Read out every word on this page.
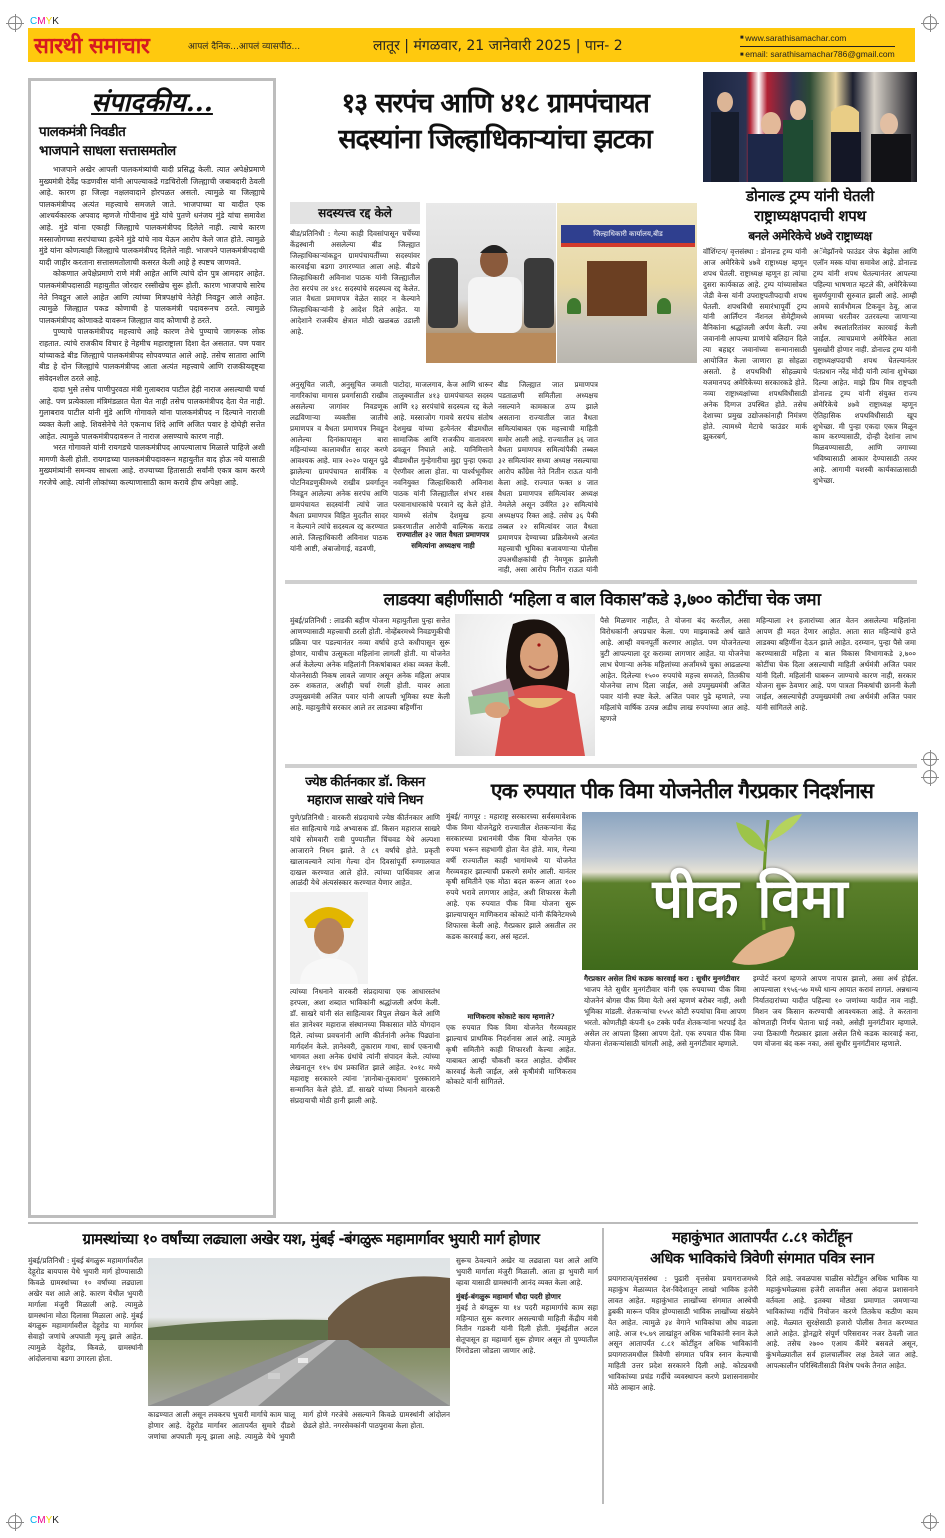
CMYK
CMYK
सारथी समाचार	आपलं दैनिक...आपलं व्यासपीठ...	लातूर | मंगळवार, 21 जानेवारी 2025 | पान- 2	■ www.sarathisamachar.com
■ email: sarathisamachar786@gmail.com
संपादकीय...
पालकमंत्री निवडीत
भाजपाने साधला सत्तासमतोल

भाजपाने अखेर आपली पालकमंत्र्यांची यादी प्रसिद्ध केली. त्यात अपेक्षेप्रमाणे मुख्यमंत्री देवेंद्र फडणवीस यांनी आपल्याकडे गडचिरोली जिल्ह्याची जबाबदारी ठेवली आहे. कारण हा जिल्हा नक्षलवादाने होरपळत असतो. त्यामुळे या जिल्ह्याचे पालकमंत्रीपद अत्यंत महत्त्वाचे समजले जाते. भाजपाच्या या यादीत एक आश्चर्यकारक अपवाद म्हणजे गोपीनाथ मुंडे यांचे पुतणे धनंजय मुंडे यांचा समावेश आहे. मुंडे यांना एकाही जिल्ह्याचे पालकमंत्रीपद दिलेले नाही. त्याचे कारण मस्साजोगच्या सरपंचाच्या हत्येने मुंडे यांचे नाव येऊन आरोप केले जात होते. त्यामुळे मुंडे यांना कोणत्याही जिल्ह्याचे पालकमंत्रीपद दिलेले नाही. भाजपने पालकमंत्रीपदाची यादी जाहीर करताना सत्तासमतोलाची कसरत केली आहे हे स्पष्टच जाणवते.

कोकणात अपेक्षेप्रमाणे राणे मंत्री आहेत आणि त्यांचे दोन पुत्र आमदार आहेत. पालकमंत्रीपदासाठी महायुतीत जोरदार रस्सीखेच सुरू होती. कारण भाजपाचे सारेच नेते निवडून आले आहेत आणि त्यांच्या मित्रपक्षांचे नेतेही निवडून आले आहेत. त्यामुळे जिल्ह्यात पकड कोणाची हे पालकमंत्री पदावरूनच ठरते. त्यामुळे पालकमंत्रीपद कोणाकडे यावरून जिल्ह्यात वाद कोणाची हे ठरते.

पुण्याचे पालकमंत्रीपद महत्त्वाचे आहे कारण तेथे पुण्याचे जागरूक लोक राहतात. त्यांचे राजकीय विचार हे नेहमीच महाराष्ट्राला दिशा देत असतात. पण पवार यांच्याकडे बीड जिल्ह्याचे पालकमंत्रीपद सोपवण्यात आले आहे. तसेच सातारा आणि बीड हे दोन जिल्ह्यांचे पालकमंत्रीपद आता अत्यंत महत्त्वाचे आणि राजकीयदृष्ट्या संवेदनशील ठरले आहे.

दादा भुसे तसेच पाणीपुरवठा मंत्री गुलाबराव पाटील हेही नाराज असल्याची चर्चा आहे. पण प्रत्येकाला मंत्रिमंडळात घेता येत नाही तसेच पालकमंत्रीपद देता येत नाही. गुलाबराव पाटील यांनी मुंडे आणि गोगावले यांना पालकमंत्रीपद न दिल्याने नाराजी व्यक्त केली आहे. शिवसेनेचे नेते एकनाथ शिंदे आणि अजित पवार हे दोघेही सत्तेत आहेत. त्यामुळे पालकमंत्रीपदावरून ते नाराज असण्याचे कारण नाही.

भरत गोगावले यांनी रायगडचे पालकमंत्रीपद आपल्यालाच मिळाले पाहिजे अशी मागणी केली होती. रायगडच्या पालकमंत्रीपदावरून महायुतीत वाद होऊ नये यासाठी मुख्यमंत्र्यांनी समन्वय साधला आहे. राज्याच्या हितासाठी सर्वांनी एकत्र काम करणे गरजेचे आहे. त्यांनी लोकांच्या कल्याणासाठी काम करावे हीच अपेक्षा आहे.

१३ सरपंच आणि ४१८ ग्रामपंचायत
सदस्यांना जिल्हाधिकाऱ्यांचा झटका
डोनाल्ड ट्रम्प यांनी घेतली
राष्ट्राध्यक्षपदाची शपथ
बनले अमेरिकेचे ४७वे राष्ट्राध्यक्ष
वॉशिंग्टन/ वृत्तसंस्था : डोनाल्ड ट्रम्प यांनी आज अमेरिकेचे ४७वे राष्ट्राध्यक्ष म्हणून शपथ घेतली. राष्ट्राध्यक्ष म्हणून हा त्यांचा दुसरा कार्यकाळ आहे. ट्रम्प यांच्यासोबत जेडी वेन्स यांनी उपराष्ट्रपतीपदाची शपथ घेतली. शपथविधी समारंभापूर्वी ट्रम्प यांनी आर्लिंग्टन नॅशनल सेमेट्रीमध्ये वैनिकांना श्रद्धांजली अर्पण केली. ज्या जवानांनी आपल्या प्राणांचे बलिदान दिले त्या बहाद्दर जवानांच्या सन्मानासाठी आयोजित केला जाणारा हा सोहळा असतो. हे शपथविधी सोहळ्याचे यजमानपद अमेरिकेच्या सरकारकडे होते. नव्या राष्ट्राध्यक्षांच्या शपथविधीसाठी अनेक दिग्गज उपस्थित होते. तसेच देशाच्या प्रमुख उद्योजकांनाही निमंत्रण होते. त्यामध्ये मेटाचे फाउंडर मार्क झुकरबर्ग,
अॅमेझॉनचे फाउंडर जेफ बेझोस आणि एलॉन मस्क यांचा समावेश आहे. डोनाल्ड ट्रम्प यांनी शपथ घेतल्यानंतर आपल्या पहिल्या भाषणात म्हटले की, अमेरिकेच्या सुवर्णयुगाची सुरुवात झाली आहे. आम्ही आमचे सार्वभौमत्व टिकवून ठेवू. आज आमच्या धरतीवर उतरवल्या जाणाऱ्या अवैध स्थलांतरितांवर कारवाई केली जाईल. त्याचप्रमाणे अमेरिकेत आता घुसखोरी होणार नाही. डोनाल्ड ट्रम्प यांनी राष्ट्राध्यक्षपदाची शपथ घेतल्यानंतर पंतप्रधान नरेंद्र मोदी यांनी त्यांना शुभेच्छा दिल्या आहेत. माझे प्रिय मित्र राष्ट्रपती डोनाल्ड ट्रम्प यांनी संयुक्त राज्य अमेरिकेचे ४७वे राष्ट्राध्यक्ष म्हणून ऐतिहासिक शपथविधीसाठी खूप शुभेच्छा. मी पुन्हा एकदा एकत्र मिळून काम करण्यासाठी, दोन्ही देशांना लाभ मिळवण्यासाठी, आणि जगाच्या भविष्यासाठी आकार देण्यासाठी तत्पर आहे. आगामी यशस्वी कार्यकाळासाठी शुभेच्छा.
सदस्यत्त्व रद्द केले
बीड/प्रतिनिधी : गेल्या काही दिवसांपासून चर्चेच्या केंद्रस्थानी असलेल्या बीड जिल्ह्यात जिल्हाधिकाऱ्यांकडून ग्रामपंचायतींच्या सदस्यांवर कारवाईचा बडगा उगारण्यात आला आहे. बीडचे जिल्हाधिकारी अविनाश पाठक यांनी जिल्ह्यातील तेरा सरपंच तर ४१८ सदस्यांचे सदस्यत्व रद्द केलेत. जात वैधता प्रमाणपत्र वेळेत सादर न केल्याने जिल्हाधिकाऱ्यांनी हे आदेश दिले आहेत. या आदेशाने राजकीय क्षेत्रात मोठी खळबळ उडाली आहे.
जिल्हाधिकारी कार्यालय,बीड
अनुसूचित जाती, अनुसूचित जमाती नागरिकांचा मागास प्रवर्गासाठी राखीव असलेल्या जागांवर निवडणूक लढविणाऱ्या व्यक्तीस जातीचे प्रमाणपत्र व वैधता प्रमाणपत्र निवडून आलेल्या दिनांकापासून बारा महिन्यांच्या कालावधीत सादर करणे आवश्यक आहे. मात्र २०२० पासून पुढे झालेल्या ग्रामपंचायत सार्वत्रिक व पोटनिवडणुकीमध्ये राखीव प्रवर्गातून निवडून आलेल्या अनेक सरपंच आणि ग्रामपंचायत सदस्यांनी त्यांचे जात वैधता प्रमाणपत्र विहित मुदतीत सादर न केल्याने त्यांचे सदस्यत्व रद्द करण्यात आले. जिल्हाधिकारी अविनाश पाठक यांनी आष्टी, अंबाजोगाई, वडवणी,
पाटोदा, माजलगाव, केज आणि धारूर तालुक्यातील ४१३ ग्रामपंचायत सदस्य आणि १३ सरपंचांचे सदस्यत्व रद्द केले आहे. मस्साजोग गावचे सरपंच संतोष देशमुख यांच्या हत्येनंतर बीडमधील सामाजिक आणि राजकीय वातावरण ढवळून निघाले आहे. यानिमित्ताने बीडमधील गुन्हेगारीचा मुद्दा पुन्हा एकदा ऐरणीवर आला होता. या पार्श्वभूमीवर नवनियुक्त जिल्हाधिकारी अविनाश पाठक यांनी जिल्ह्यातील शंभर शस्त्र परवानाधारकांचे परवाने रद्द केले होते. यामध्ये संतोष देशमुख हत्या प्रकरणातील आरोपी वाल्मिक कराड
राज्यातील ३२ जात वैधता प्रमाणपत्र समित्यांना अध्यक्षच नाही
बीड जिल्ह्यात जात प्रमाणपत्र पडताळणी समितीला अध्यक्षच नसल्याने कामकाज ठप्प झाले असताना राज्यातील जात वैधता समित्यांबाबत एक महत्त्वाची माहिती समोर आली आहे. राज्यातील ३६ जात वैधता प्रमाणपत्र समित्यांपैकी तब्बल ३२ समित्यांवर सध्या अध्यक्ष नसल्याचा आरोप काँग्रेस नेते नितीन राऊत यांनी केला आहे. राज्यात फक्त ४ जात वैधता प्रमाणपत्र समित्यांवर अध्यक्ष नेमलेले असून उर्वरित ३२ समित्यांचे अध्यक्षपद रिक्त आहे. तसेच ३६ पैकी तब्बल २२ समित्यांवर जात वैधता प्रमाणपत्र देण्याच्या प्रक्रियेमध्ये अत्यंत महत्त्वाची भूमिका बजावणाऱ्या पोलीस उपअधीक्षकांची ही नेमणूक झालेली नाही, असा आरोप नितीन राऊत यांनी
लाडक्या बहीणींसाठी ‘महिला व बाल विकास’कडे ३,७०० कोटींचा चेक जमा
मुंबई/प्रतिनिधी : लाडकी बहीण योजना महायुतीला पुन्हा सत्तेत आणण्यासाठी महत्त्वाची ठरली होती. नोव्हेंबरमध्ये निवडणुकीची प्रक्रिया पार पडल्यानंतर नव्या वर्षाचे हप्ते कधीपासून सुरू होणार, याचीच उत्सुकता महिलांना लागली होती. या योजनेत अर्ज केलेल्या अनेक महिलांनी निकषांबाबत शंका व्यक्त केली. योजनेसाठी निकष लावले जाणार असून अनेक महिला अपात्र ठरू शकतात, अशीही चर्चा रंगली होती. यावर आता उपमुख्यमंत्री अजित पवार यांनी आपली भूमिका स्पष्ट केली आहे. महायुतीचे सरकार आले तर लाडक्या बहिणींना
पैसे मिळणार नाहीत, ते योजना बंद करतील, असा विरोधकांनी अपप्रचार केला. पण माझ्याकडे अर्थ खाते आहे. आम्ही वचनपूर्ती करणार आहोत. पण योजनेतल्या त्रुटी आपल्याला दूर कराव्या लागणार आहेत. या योजनेचा लाभ घेणाऱ्या अनेक महिलांच्या अर्जांमध्ये चुका आढळल्या आहेत. दिलेल्या १५०० रुपयांचे महत्त्व समजते, तितकीच योजनेचा लाभ दिला जाईल, असे उपमुख्यमंत्री अजित पवार यांनी स्पष्ट केले. अजित पवार पुढे म्हणाले, ज्या महिलांचे वार्षिक उत्पन्न अडीच लाख रुपयांच्या आत आहे. म्हणजे
महिन्याला २१ हजारांच्या आत वेतन असलेल्या महिलांना आपण ही मदत देणार आहोत. आता सात महिन्यांचे हप्ते लाडक्या बहिणींना देऊन झाले आहेत. दरम्यान, पुन्हा पैसे जमा करण्यासाठी महिला व बाल विकास विभागाकडे ३,७०० कोटींचा चेक दिला असल्याची माहिती अर्थमंत्री अजित पवार यांनी दिली. महिलांनी घाबरून जाण्याचे कारण नाही, सरकार योजना सुरू ठेवणार आहे. पण पात्रता निकषांची छाननी केली जाईल, असल्याचेही उपमुख्यमंत्री तथा अर्थमंत्री अजित पवार यांनी सांगितले आहे.
ज्येष्ठ कीर्तनकार डॉ. किसन
महाराज साखरे यांचे निधन
पुणे/प्रतिनिधी : वारकरी संप्रदायाचे ज्येष्ठ कीर्तनकार आणि संत साहित्याचे गाढे अभ्यासक डॉ. किसन महाराज साखरे यांचे सोमवारी रात्री पुण्यातील चिंचवड येथे अल्पशा आजाराने निधन झाले. ते ८९ वर्षांचे होते. प्रकृती खालावल्याने त्यांना गेल्या दोन दिवसांपूर्वी रुग्णालयात दाखल करण्यात आले होते. त्यांच्या पार्थिवावर आज आळंदी येथे अंत्यसंस्कार करण्यात येणार आहेत.
त्यांच्या निधनाने वारकरी संप्रदायाचा एक आधारस्तंभ हरपला, अशा शब्दात भाविकांनी श्रद्धांजली अर्पण केली. डॉ. साखरे यांनी संत साहित्यावर विपुल लेखन केले आणि संत ज्ञानेश्वर महाराज संस्थानच्या विकासात मोठे योगदान दिले. त्यांच्या प्रवचनांनी आणि कीर्तनांनी अनेक पिढ्यांना मार्गदर्शन केले. ज्ञानेश्वरी, तुकाराम गाथा, सार्थ एकनाथी भागवत अशा अनेक ग्रंथांचे त्यांनी संपादन केले. त्यांच्या लेखनातून ११५ ग्रंथ प्रकाशित झाले आहेत. २०१८ मध्ये महाराष्ट्र सरकारने त्यांना 'ज्ञानोबा-तुकाराम' पुरस्काराने सन्मानित केले होते. डॉ. साखरे यांच्या निधनाने वारकरी संप्रदायाची मोठी हानी झाली आहे.
एक रुपयात पीक विमा योजनेतील गैरप्रकार निदर्शनास
मुंबई/ नागपूर : महाराष्ट्र सरकारच्या सर्वसमावेशक पीक विमा योजनेद्वारे राज्यातील शेतकऱ्यांना केंद्र सरकारच्या प्रधानमंत्री पीक विमा योजनेत एक रुपया भरून सहभागी होता येत होते. मात्र, गेल्या वर्षी राज्यातील काही भागांमध्ये या योजनेत गैरव्यवहार झाल्याची प्रकरणे समोर आली. यानंतर कृषी समितीने एक मोठा बदल करून आता १०० रुपये भरावे लागणार आहेत, अशी शिफारस केली आहे. एक रुपयात पीक विमा योजना सुरू झाल्यापासून माणिकराव कोकाटे यांनी कॅबिनेटमध्ये शिफारस केली आहे. गैरप्रकार झाले असतील तर कडक कारवाई करा, असं म्हटलं.
माणिकराव कोकाटे काय म्हणाले?
एक रुपयात पिक विमा योजनेत गैरव्यवहार झाल्याचं प्राथमिक निदर्शनास आलं आहे. त्यामुळे कृषी समितीने काही शिफारशी केल्या आहेत. याबाबत आम्ही चौकशी करत आहोत. दोषींवर कारवाई केली जाईल, असे कृषीमंत्री माणिकराव कोकाटे यांनी सांगितले.
पीक विमा
गैरप्रकार असेल तिथं कडक कारवाई करा : सुधीर मुनगंटीवार
भाजप नेते सुधीर मुनगंटीवार यांनी एक रुपयाच्या पीक विमा योजनेनं बोगस पीक विमा येतो असं म्हणणं बरोबर नाही, अशी भूमिका मांडली. शेतकऱ्यांचा १५५१ कोटी रुपयांचा विमा आपण भरतो. कोणतीही कंपनी ६० टक्के पर्यंत शेतकऱ्यांना भरपाई देत असेल तर आपला हिस्सा आपण देतो. एक रुपयात पीक विमा योजना शेतकऱ्यांसाठी चांगली आहे, असे मुनगंटीवार म्हणाले.
इम्पोर्ट करणं म्हणजे आपण नापास झालो, असा अर्थ होईल. आपल्याला १९५६-५७ मध्ये धान्य आयात करावं लागलं. अन्नधान्य निर्यातदारांच्या यादीत पहिल्या १० जणांच्या यादीत नाव नाही. मिशन जय किसान करण्याची आवश्यकता आहे. ते करताना कोणताही निर्णय घेताना घाई नको, असेही मुनगंटीवार म्हणाले. ज्या ठिकाणी गैरप्रकार झाला असेल तिथे कडक कारवाई करा, पण योजना बंद करू नका, असं सुधीर मुनगंटीवार म्हणाले.
ग्रामस्थांच्या १० वर्षांच्या लढ्याला अखेर यश, मुंबई -बंगळुरू महामार्गावर भुयारी मार्ग होणार
मुंबई/प्रतिनिधी : मुंबई बंगळुरू महामार्गावरील देहूरोड बायपास येथे भुयारी मार्ग होण्यासाठी किवळे ग्रामस्थांच्या १० वर्षांच्या लढ्याला अखेर यश आले आहे. कारण येथील भुयारी मार्गाला मंजुरी मिळाली आहे. त्यामुळे ग्रामस्थांना मोठा दिलासा मिळाला आहे. मुंबई बंगळुरू महामार्गावरील देहूरोड या मार्गावर सेवाहो जणांचे अपघाती मृत्यू झाले आहेत. त्यामुळे देहूरोड, किवळे, ग्रामस्थांनी आंदोलनाचा बडगा उगारला होता.
काढण्यात आली असून लवकरच भुयारी मार्गाचे काम चालू होणार आहे. देहूरोड मार्गावर आतापर्यंत सुमारे दीडशे जणांचा अपघाती मृत्यू झाला आहे. त्यामुळे येथे भुयारी मार्ग होणे गरजेचे असल्याने किवळे ग्रामस्थांनी आंदोलन छेडले होते. नगरसेवकांनी पाठपुरावा केला होता.
सुरूच ठेवल्याने अखेर या लढ्याला यश आले आणि भुयारी मार्गाला मंजुरी मिळाली. आता हा भुयारी मार्ग व्हावा यासाठी ग्रामस्थांनी आनंद व्यक्त केला आहे.
मुंबई-बंगळुरू महामार्ग चौदा पदरी होणार
मुंबई ते बंगळुरू या १४ पदरी महामार्गाचे काम सहा महिन्यात सुरू करणार असल्याची माहिती केंद्रीय मंत्री नितीन गडकरी यांनी दिली होती. मुंबईतील अटल सेतूपासून हा महामार्ग सुरू होणार असून तो पुण्यातील रिंगरोडला जोडला जाणार आहे.
महाकुंभात आतापर्यंत ८.८१ कोटींहून
अधिक भाविकांचे त्रिवेणी संगमात पवित्र स्नान
प्रयागराज/वृत्तसंस्था : पुढारी वृत्तसेवा प्रयागराजमध्ये महाकुंभ मेळाव्यात देश-विदेशातून लाखो भाविक हजेरी लावत आहेत. महाकुंभात लाखोंच्या संगमात आस्थेची डुबकी मारून पवित्र होण्यासाठी भाविक लाखोंच्या संख्येने येत आहेत. त्यामुळे ३४ वेगाने भाविकांचा ओघ वाढला आहे. आज १५.७९ लाखांहून अधिक भाविकांनी स्नान केले असून आतापर्यंत ८.८१ कोटींहून अधिक भाविकांनी प्रयागराजमधील त्रिवेणी संगमात पवित्र स्नान केल्याची माहिती उत्तर प्रदेश सरकारने दिली आहे. कोट्यवधी भाविकांच्या प्रचंड गर्दीचे व्यवस्थापन करणे प्रशासनासमोर मोठे आव्हान आहे.
दिले आहे. जवळपास चाळीस कोटींहून अधिक भाविक या महाकुंभमेळ्यास हजेरी लावतील असा अंदाज प्रशासनाने वर्तवला आहे. इतक्या मोठ्या प्रमाणात जमणाऱ्या भाविकांच्या गर्दीचे नियोजन करणे तितकेच कठीण काम आहे. मेळ्यात सुरक्षेसाठी हजारो पोलीस तैनात करण्यात आले आहेत. ड्रोनद्वारे संपूर्ण परिसरावर नजर ठेवली जात आहे. तसेच २७०० एआय कॅमेरे बसवले असून, कुंभमेळ्यातील सर्व हालचालींवर लक्ष ठेवले जात आहे. आपत्कालीन परिस्थितीसाठी विशेष पथके तैनात आहेत.
